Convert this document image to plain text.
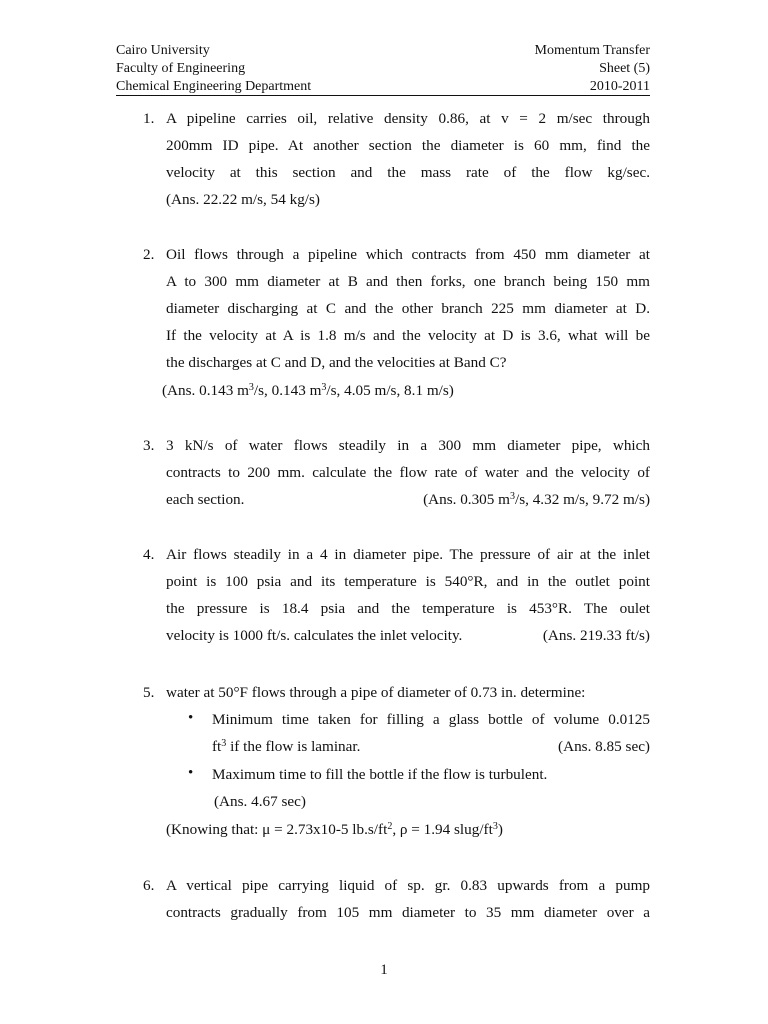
Cairo University
Faculty of Engineering
Chemical Engineering Department
Momentum Transfer
Sheet (5)
2010-2011
1. A pipeline carries oil, relative density 0.86, at v = 2 m/sec through
200mm ID pipe. At another section the diameter is 60 mm, find the
velocity at this section and the mass rate of the flow kg/sec.
(Ans. 22.22 m/s, 54 kg/s)
2. Oil flows through a pipeline which contracts from 450 mm diameter at
A to 300 mm diameter at B and then forks, one branch being 150 mm
diameter discharging at C and the other branch 225 mm diameter at D.
If the velocity at A is 1.8 m/s and the velocity at D is 3.6, what will be
the discharges at C and D, and the velocities at Band C?
(Ans. 0.143 $m^3/s$, 0.143 $m^3/s$, 4.05 m/s, 8.1 m/s)
3. 3 kN/s of water flows steadily in a 300 mm diameter pipe, which
contracts to 200 mm. calculate the flow rate of water and the velocity of
each section.	(Ans. 0.305 $m^3/s$, 4.32 m/s, 9.72 m/s)
4. Air flows steadily in a 4 in diameter pipe. The pressure of air at the inlet
point is 100 psia and its temperature is 540°R, and in the outlet point
the pressure is 18.4 psia and the temperature is 453°R. The oulet
velocity is 1000 ft/s. calculates the inlet velocity.	(Ans. 219.33 ft/s)
5. water at 50°F flows through a pipe of diameter of 0.73 in. determine:
• Minimum time taken for filling a glass bottle of volume 0.0125
$ft^3$ if the flow is laminar.	(Ans. 8.85 sec)
• Maximum time to fill the bottle if the flow is turbulent.
(Ans. 4.67 sec)
(Knowing that: μ = 2.73x10-5 $lb.s/ft^2$, ρ = 1.94 slug/$ft^3$)
6. A vertical pipe carrying liquid of sp. gr. 0.83 upwards from a pump
contracts gradually from 105 mm diameter to 35 mm diameter over a
1
